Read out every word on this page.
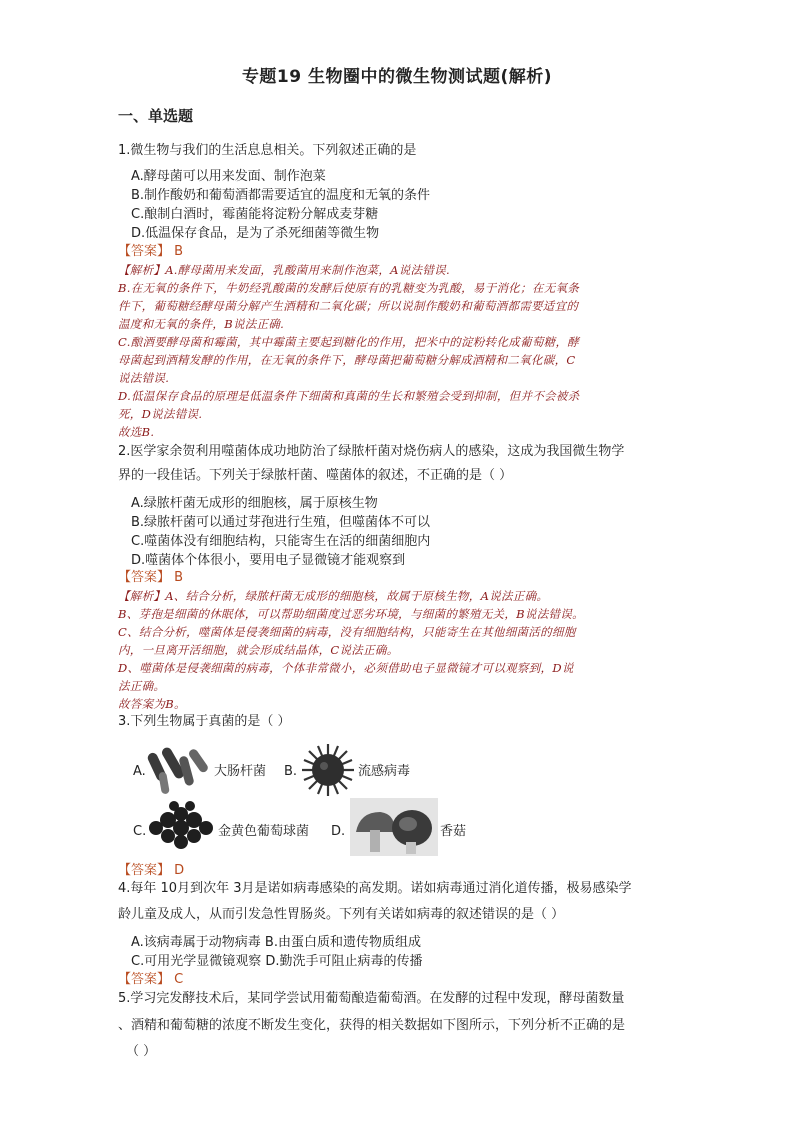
专题19 生物圈中的微生物测试题(解析)
一、单选题
1.微生物与我们的生活息息相关。下列叙述正确的是
A.酵母菌可以用来发面、制作泡菜
B.制作酸奶和葡萄酒都需要适宜的温度和无氧的条件
C.酿制白酒时，霉菌能将淀粉分解成麦芽糖
D.低温保存食品，是为了杀死细菌等微生物
【答案】 B
【解析】A.酵母菌用来发面，乳酸菌用来制作泡菜，A说法错误.
B.在无氧的条件下，牛奶经乳酸菌的发酵后使原有的乳糖变为乳酸，易于消化；在无氧条
件下，葡萄糖经酵母菌分解产生酒精和二氧化碳；所以说制作酸奶和葡萄酒都需要适宜的
温度和无氧的条件，B说法正确.
C.酿酒要酵母菌和霉菌，其中霉菌主要起到糖化的作用，把米中的淀粉转化成葡萄糖，酵
母菌起到酒精发酵的作用，在无氧的条件下，酵母菌把葡萄糖分解成酒精和二氧化碳，C
说法错误.
D.低温保存食品的原理是低温条件下细菌和真菌的生长和繁殖会受到抑制，但并不会被杀
死，D说法错误.
故选B.
2.医学家余贺利用噬菌体成功地防治了绿脓杆菌对烧伤病人的感染，这成为我国微生物学
界的一段佳话。下列关于绿脓杆菌、噬菌体的叙述，不正确的是（ ）
A.绿脓杆菌无成形的细胞核，属于原核生物
B.绿脓杆菌可以通过芽孢进行生殖，但噬菌体不可以
C.噬菌体没有细胞结构，只能寄生在活的细菌细胞内
D.噬菌体个体很小，要用电子显微镜才能观察到
【答案】 B
【解析】A、结合分析，绿脓杆菌无成形的细胞核，故属于原核生物，A说法正确。
B、芽孢是细菌的休眠体，可以帮助细菌度过恶劣环境，与细菌的繁殖无关，B说法错误。
C、结合分析，噬菌体是侵袭细菌的病毒，没有细胞结构，只能寄生在其他细菌活的细胞
内，一旦离开活细胞，就会形成结晶体，C说法正确。
D、噬菌体是侵袭细菌的病毒，个体非常微小，必须借助电子显微镜才可以观察到，D说
法正确。
故答案为B。
3.下列生物属于真菌的是（ ）
A.	大肠杆菌 B.	流感病毒
C.	金黄色葡萄球菌 D.	香菇
【答案】 D
4.每年 10月到次年 3月是诺如病毒感染的高发期。诺如病毒通过消化道传播，极易感染学
龄儿童及成人，从而引发急性胃肠炎。下列有关诺如病毒的叙述错误的是（ ）
A.该病毒属于动物病毒 B.由蛋白质和遗传物质组成
C.可用光学显微镜观察 D.勤洗手可阻止病毒的传播
【答案】 C
5.学习完发酵技术后，某同学尝试用葡萄酿造葡萄酒。在发酵的过程中发现，酵母菌数量
、酒精和葡萄糖的浓度不断发生变化，获得的相关数据如下图所示，下列分析不正确的是
（ ）
